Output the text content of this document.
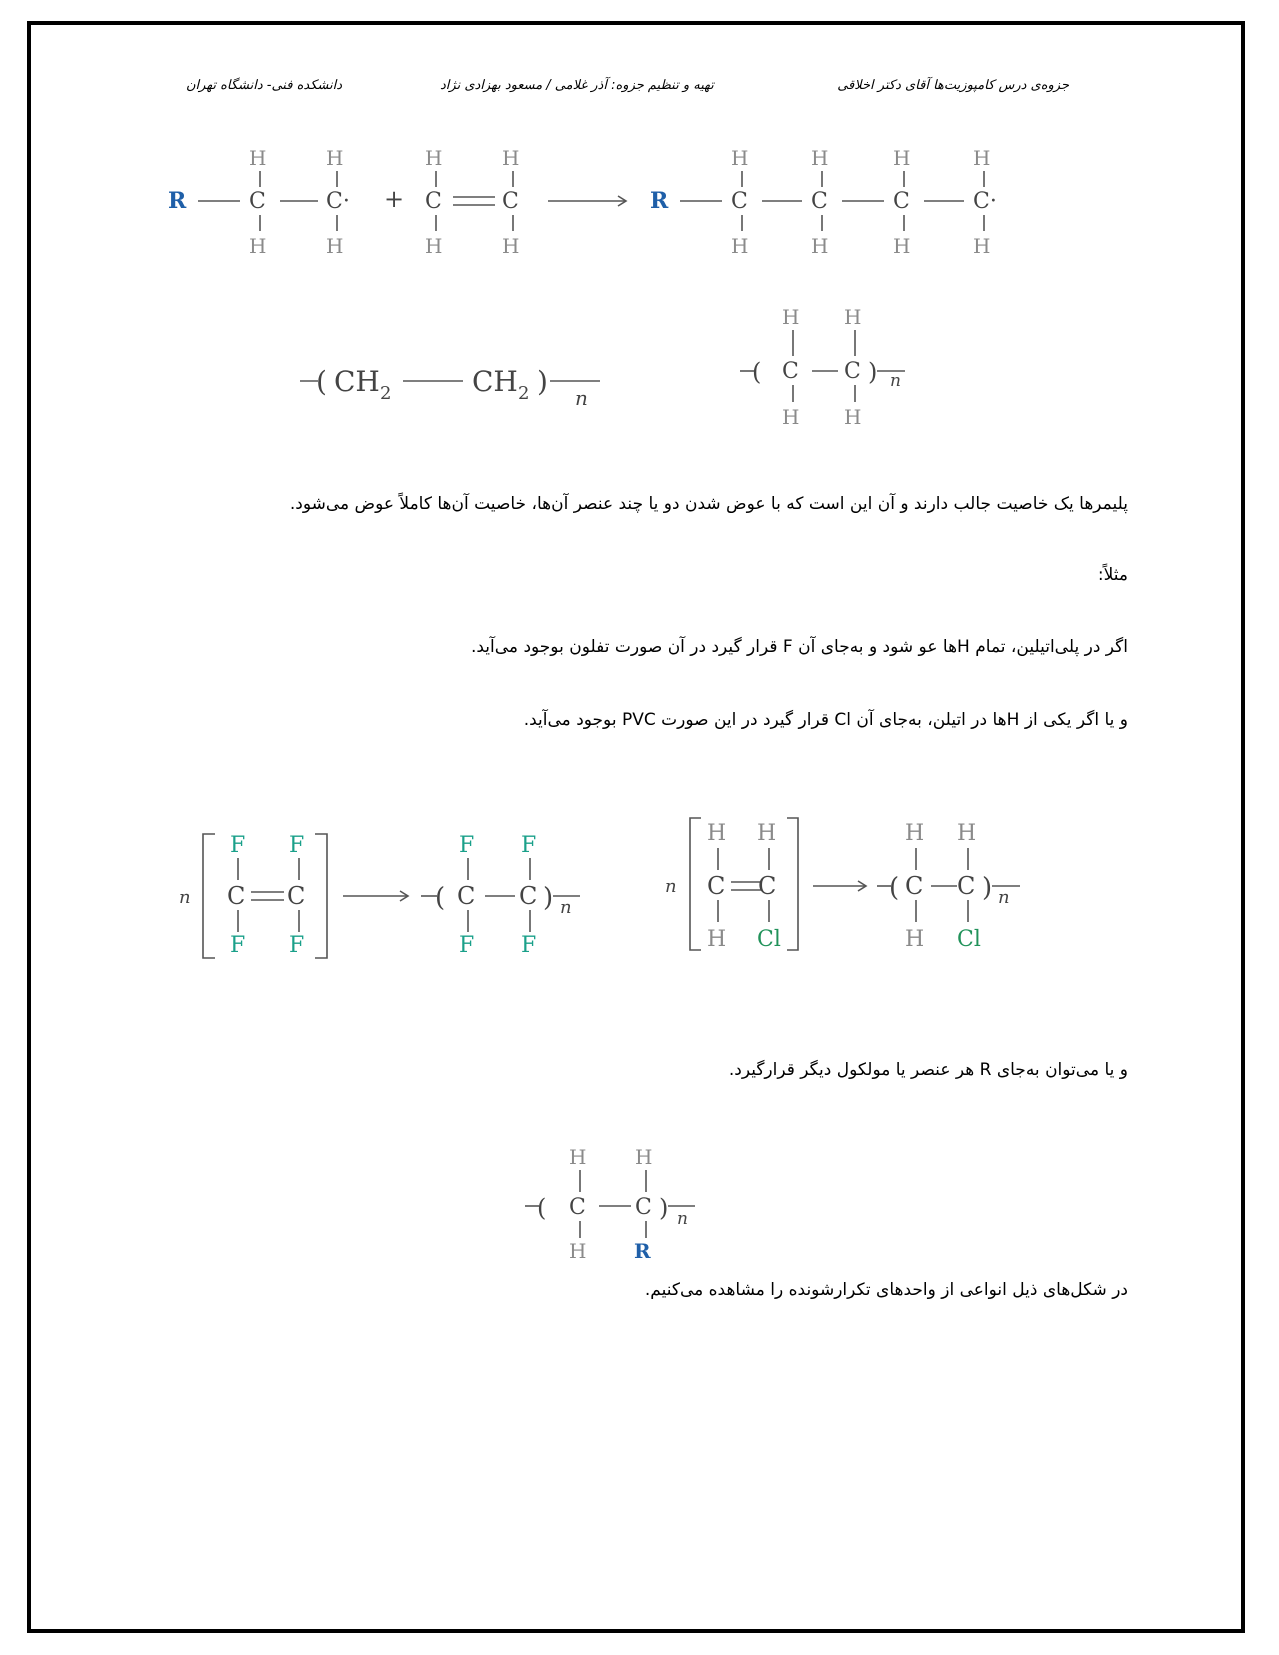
جزوه‌ی درس کامپوزیت‌ها آقای دکتر اخلاقی
تهیه و تنظیم جزوه: آذر غلامی / مسعود بهزادی نژاد
دانشکده فنی- دانشگاه تهران
R
H
C
H
H
C·
H
+
H
C
H
H
C
H
R
H
C
H
H
C
H
H
C
H
H
C·
H
( CH 2	CH 2 ) n
(
H
C
H
H
C
H
) n
پلیمرها یک خاصیت جالب دارند و آن این است که با عوض شدن دو یا چند عنصر آن‌ها، خاصیت آن‌ها کاملاً عوض می‌شود.
مثلاً:
اگر در پلی‌اتیلین، تمام Hها عو شود و به‌جای آن F قرار گیرد در آن صورت تفلون بوجود می‌آید.
و یا اگر یکی از Hها در اتیلن، به‌جای آن Cl قرار گیرد در این صورت PVC بوجود می‌آید.
n
F
C
F
F
C
F
(
F
C
F
F
C
F
) n
n
H
C
H
H
C
Cl
(
H
C
H
H
C
Cl
) n
و یا می‌توان به‌جای R هر عنصر یا مولکول دیگر قرارگیرد.
(
H
C
H
H
C
R
) n
در شکل‌های ذیل انواعی از واحدهای تکرارشونده را مشاهده می‌کنیم.
